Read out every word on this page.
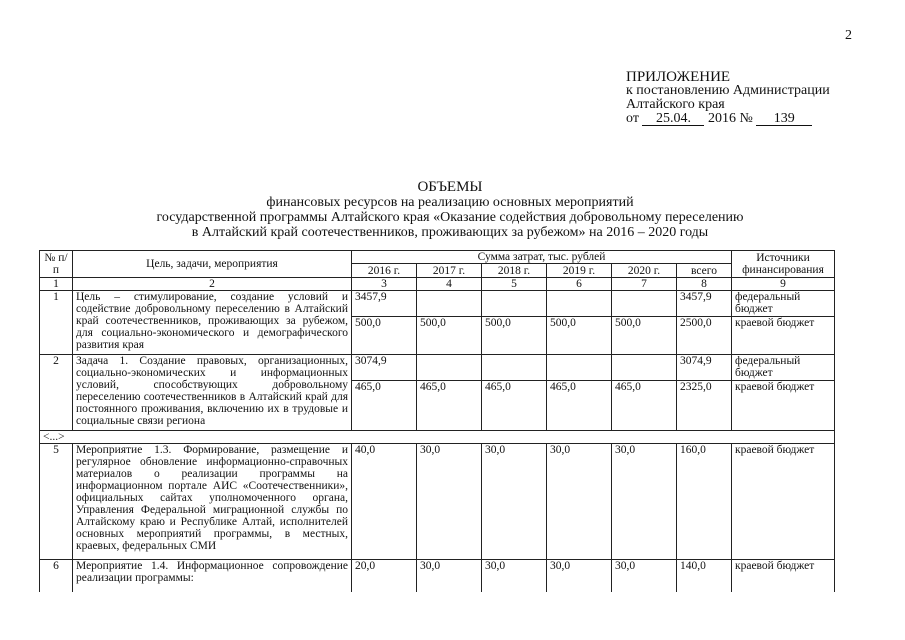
2
ПРИЛОЖЕНИЕ
к постановлению Администрации
Алтайского края
от 25.04. 2016 № 139
ОБЪЕМЫ
финансовых ресурсов на реализацию основных мероприятий
государственной программы Алтайского края «Оказание содействия добровольному переселению
в Алтайский край соотечественников, проживающих за рубежом» на 2016 – 2020 годы
№ п/п	Цель, задачи, мероприятия	Сумма затрат, тыс. рублей						Источники финансирования
		2016 г.	2017 г.	2018 г.	2019 г.	2020 г.	всего	
1	2	3	4	5	6	7	8	9
1	Цель – стимулирование, создание условий и содействие добровольному переселению в Алтайский край соотечественников, проживающих за рубежом, для социально-экономического и демографического развития края	3457,9					3457,9	федеральный бюджет
		500,0	500,0	500,0	500,0	500,0	2500,0	краевой бюджет
2	Задача 1. Создание правовых, организационных, социально-экономических и информационных условий, способствующих добровольному переселению соотечественников в Алтайский край для постоянного проживания, включению их в трудовые и социальные связи региона	3074,9					3074,9	федеральный бюджет
		465,0	465,0	465,0	465,0	465,0	2325,0	краевой бюджет
<...>								
5	Мероприятие 1.3. Формирование, размещение и регулярное обновление информационно-справочных материалов о реализации программы на информационном портале АИС «Соотечественники», официальных сайтах уполномоченного органа, Управления Федеральной миграционной службы по Алтайскому краю и Республике Алтай, исполнителей основных мероприятий программы, в местных, краевых, федеральных СМИ	40,0	30,0	30,0	30,0	30,0	160,0	краевой бюджет
6	Мероприятие 1.4. Информационное сопровождение реализации программы:	20,0	30,0	30,0	30,0	30,0	140,0	краевой бюджет
